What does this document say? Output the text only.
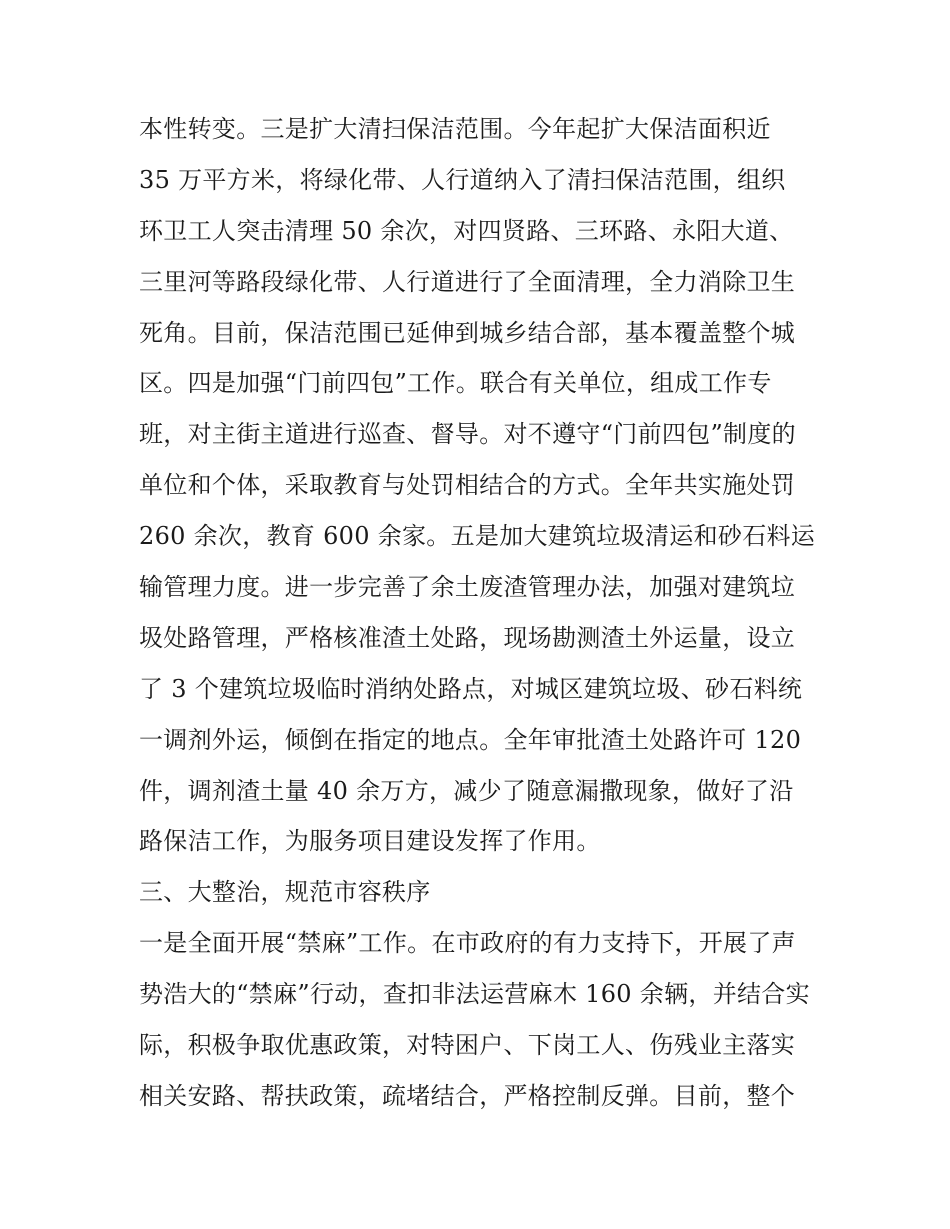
本性转变。三是扩大清扫保洁范围。今年起扩大保洁面积近
35 万平方米，将绿化带、人行道纳入了清扫保洁范围，组织
环卫工人突击清理 50 余次，对四贤路、三环路、永阳大道、
三里河等路段绿化带、人行道进行了全面清理，全力消除卫生
死角。目前，保洁范围已延伸到城乡结合部，基本覆盖整个城
区。四是加强“门前四包”工作。联合有关单位，组成工作专
班，对主街主道进行巡查、督导。对不遵守“门前四包”制度的
单位和个体，采取教育与处罚相结合的方式。全年共实施处罚
260 余次，教育 600 余家。五是加大建筑垃圾清运和砂石料运
输管理力度。进一步完善了余土废渣管理办法，加强对建筑垃
圾处路管理，严格核准渣土处路，现场勘测渣土外运量，设立
了 3 个建筑垃圾临时消纳处路点，对城区建筑垃圾、砂石料统
一调剂外运，倾倒在指定的地点。全年审批渣土处路许可 120
件，调剂渣土量 40 余万方，减少了随意漏撒现象，做好了沿
路保洁工作，为服务项目建设发挥了作用。
三、大整治，规范市容秩序
一是全面开展“禁麻”工作。在市政府的有力支持下，开展了声
势浩大的“禁麻”行动，查扣非法运营麻木 160 余辆，并结合实
际，积极争取优惠政策，对特困户、下岗工人、伤残业主落实
相关安路、帮扶政策，疏堵结合，严格控制反弹。目前，整个
